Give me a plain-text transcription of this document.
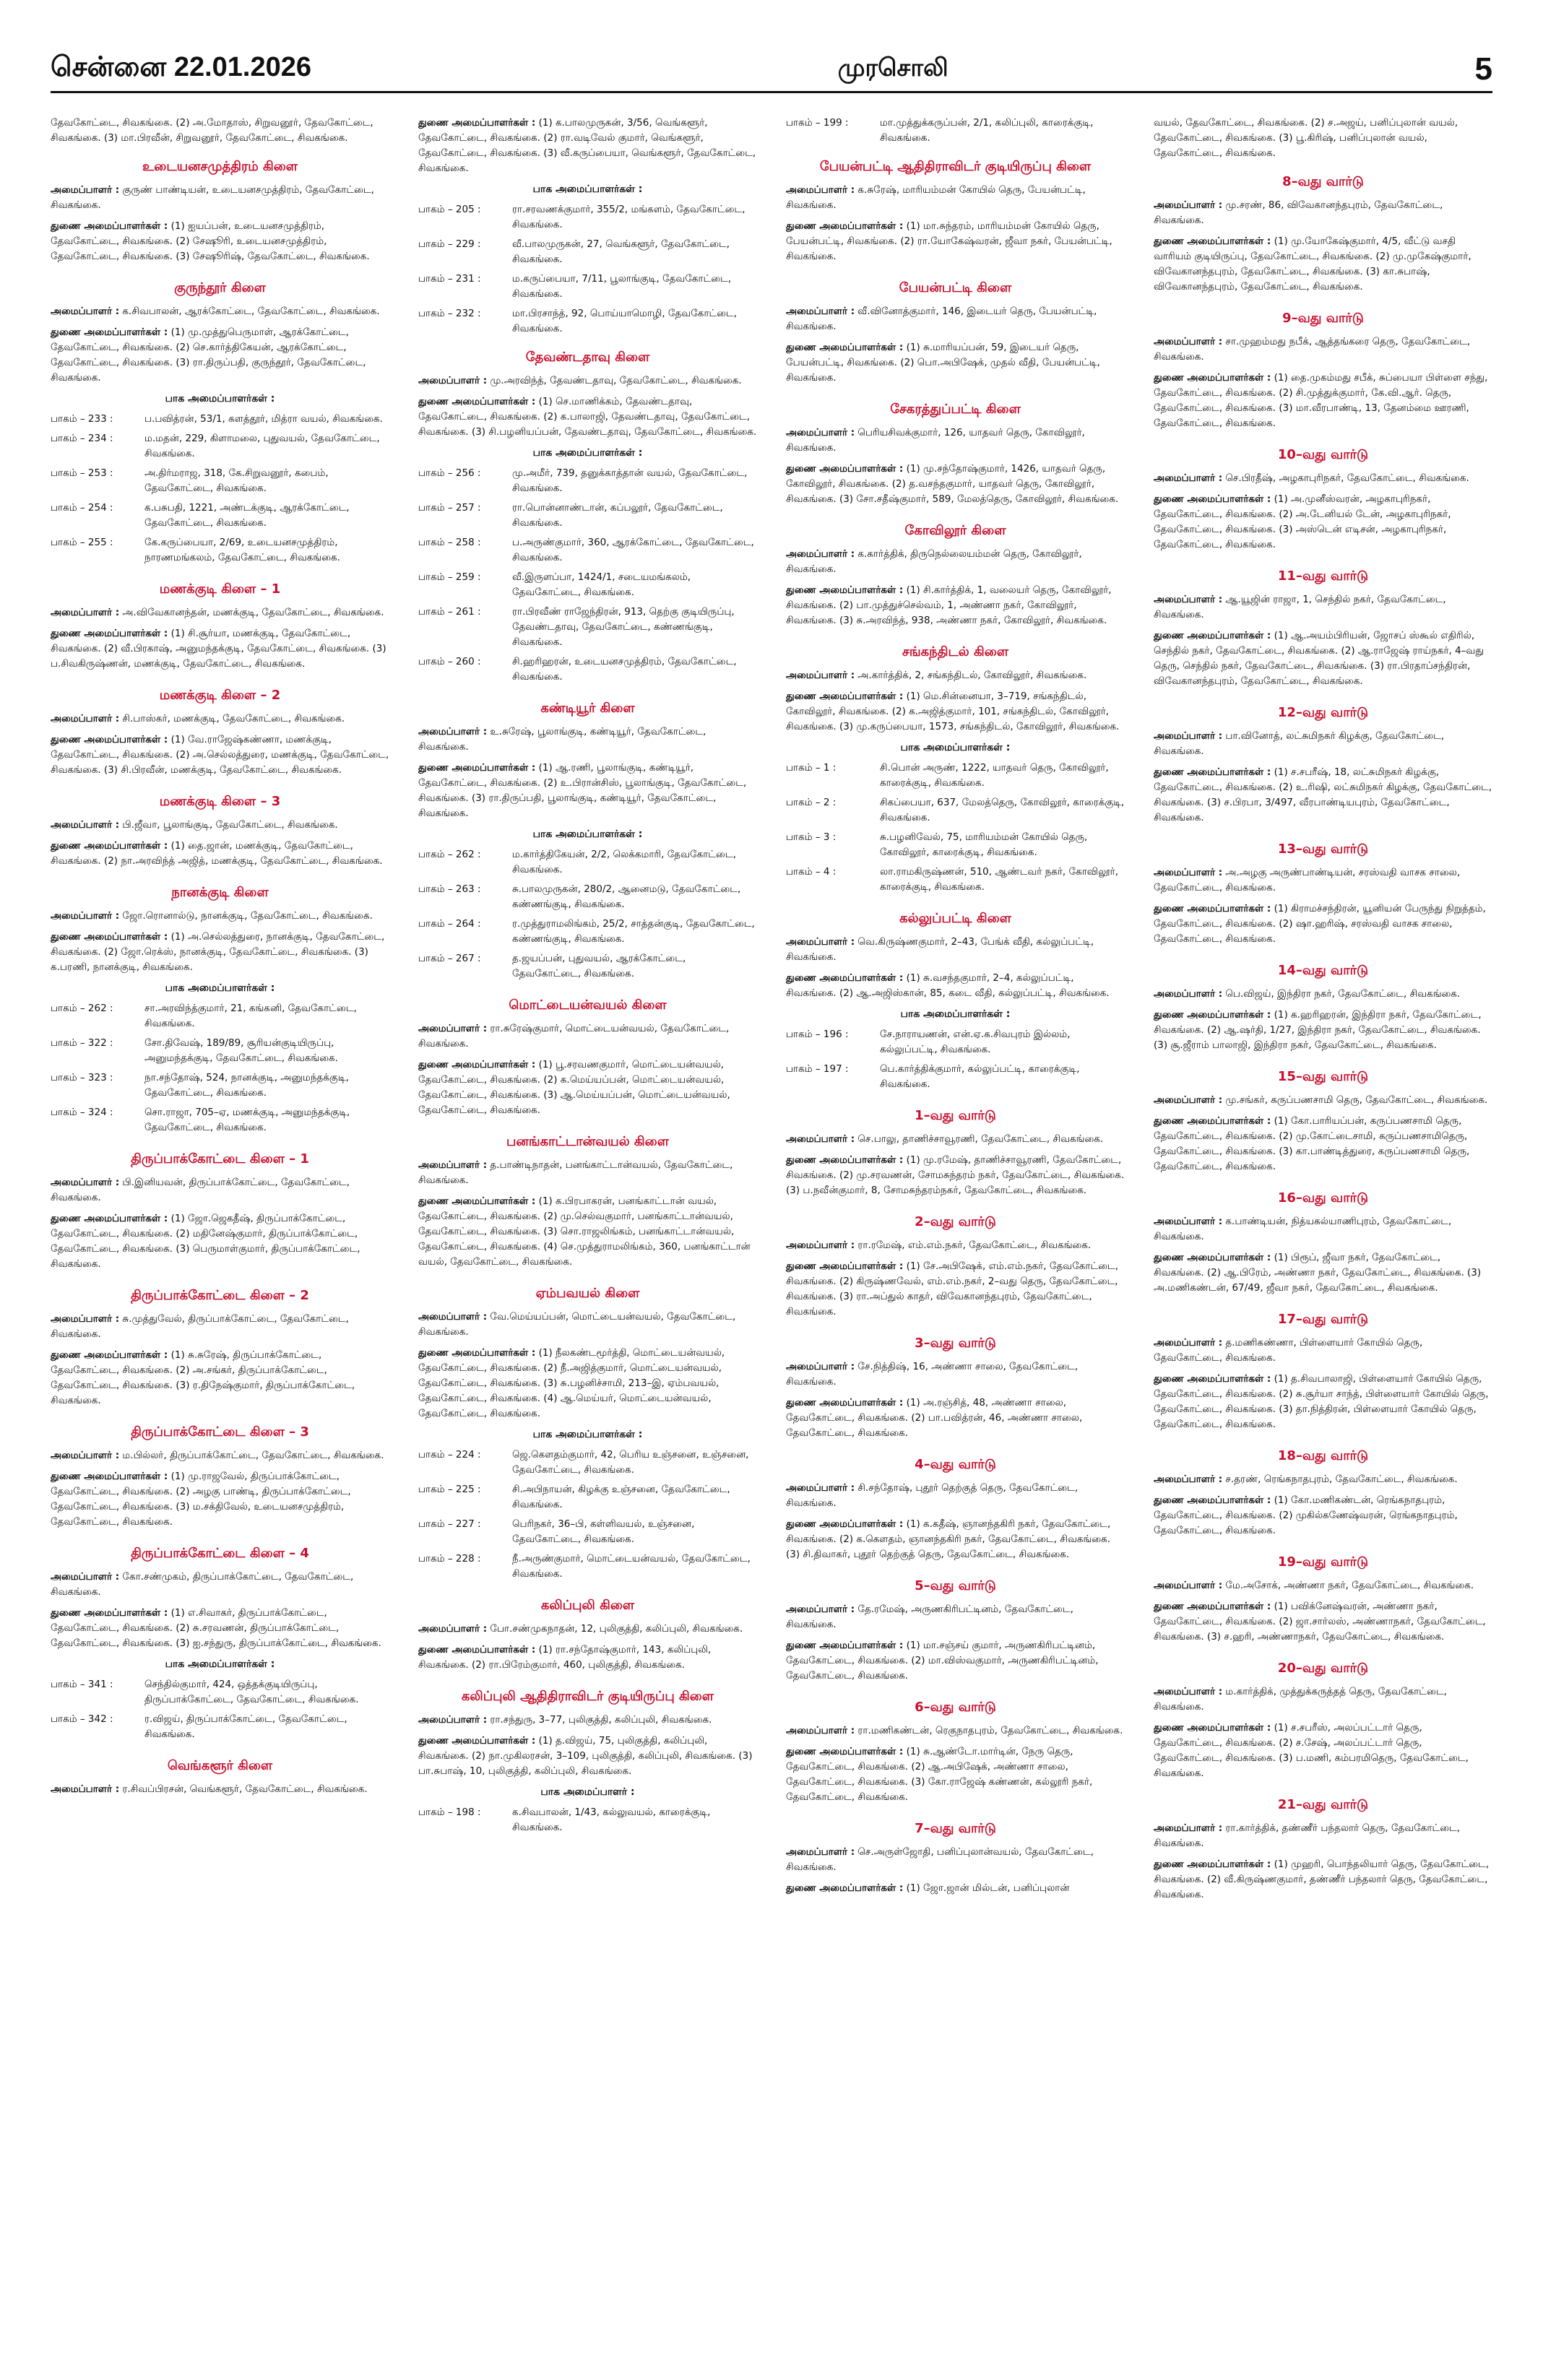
சென்னை 22.01.2026	முரசொலி	5

தேவகோட்டை, சிவகங்கை. (2) அ.மோதாஸ், சிறுவனூர், தேவகோட்டை, சிவகங்கை. (3) மா.பிரவீன், சிறுவனூர், தேவகோட்டை, சிவகங்கை.

உடையனசமுத்திரம் கிளை

அமைப்பாளர் : குருண் பாண்டியன், உடையனசமுத்திரம், தேவகோட்டை, சிவகங்கை.

துணை அமைப்பாளர்கள் : (1) ஐயப்பன், உடையனசமுத்திரம், தேவகோட்டை, சிவகங்கை. (2) சேஷூரி, உடையனசமுத்திரம், தேவகோட்டை, சிவகங்கை. (3) சேஷூரிஷ், தேவகோட்டை, சிவகங்கை.

குருந்தூர் கிளை

அமைப்பாளர் : க.சிவபாலன், ஆரக்கோட்டை, தேவகோட்டை, சிவகங்கை.

துணை அமைப்பாளர்கள் : (1) மு.முத்துபெருமாள், ஆரக்கோட்டை, தேவகோட்டை, சிவகங்கை. (2) செ.கார்த்திகேயன், ஆரக்கோட்டை, தேவகோட்டை, சிவகங்கை. (3) ரா.திருப்பதி, குருந்தூர், தேவகோட்டை, சிவகங்கை.

பாக அமைப்பாளர்கள் :
பாகம் – 233 :	ப.பவித்ரன், 53/1, களத்தூர், மித்ரா வயல், சிவகங்கை.
பாகம் – 234 :	ம.மதன், 229, கிளாமலை, புதுவயல், தேவகோட்டை, சிவகங்கை.
பாகம் – 253 :	அ.திர்மராஜ, 318, கே.சிறுவனூர், கபைம், தேவகோட்டை, சிவகங்கை.
பாகம் – 254 :	க.பசுபதி, 1221, அண்டக்குடி, ஆரக்கோட்டை, தேவகோட்டை, சிவகங்கை.
பாகம் – 255 :	கே.கருப்பையா, 2/69, உடையனசமுத்திரம், நாரணமங்கலம், தேவகோட்டை, சிவகங்கை.
மணக்குடி கிளை – 1

அமைப்பாளர் : அ.விவேகானந்தன், மணக்குடி, தேவகோட்டை, சிவகங்கை.

துணை அமைப்பாளர்கள் : (1) சி.சூர்யா, மணக்குடி, தேவகோட்டை, சிவகங்கை. (2) வீ.பிரகாஷ், அனுமந்தக்குடி, தேவகோட்டை, சிவகங்கை. (3) ப.சிவகிருஷ்ணன், மணக்குடி, தேவகோட்டை, சிவகங்கை.

மணக்குடி கிளை – 2

அமைப்பாளர் : சி.பாஸ்கர், மணக்குடி, தேவகோட்டை, சிவகங்கை.

துணை அமைப்பாளர்கள் : (1) வே.ராஜேஷ்கண்ணா, மணக்குடி, தேவகோட்டை, சிவகங்கை. (2) அ.செல்லத்துரை, மணக்குடி, தேவகோட்டை, சிவகங்கை. (3) சி.பிரவீன், மணக்குடி, தேவகோட்டை, சிவகங்கை.

மணக்குடி கிளை – 3

அமைப்பாளர் : பி.ஜீவா, பூலாங்குடி, தேவகோட்டை, சிவகங்கை.

துணை அமைப்பாளர்கள் : (1) தை.ஜான், மணக்குடி, தேவகோட்டை, சிவகங்கை. (2) நா.அரவிந்த் அஜித், மணக்குடி, தேவகோட்டை, சிவகங்கை.

நானக்குடி கிளை

அமைப்பாளர் : ஜோ.ரொனால்டு, நானக்குடி, தேவகோட்டை, சிவகங்கை.

துணை அமைப்பாளர்கள் : (1) அ.செல்லத்துரை, நானக்குடி, தேவகோட்டை, சிவகங்கை. (2) ஜோ.ரெக்ஸ், நானக்குடி, தேவகோட்டை, சிவகங்கை. (3) க.பரணி, நானக்குடி, சிவகங்கை.

பாக அமைப்பாளர்கள் :
பாகம் – 262 :	சா.அரவிந்த்குமார், 21, கங்கனி, தேவகோட்டை, சிவகங்கை.
பாகம் – 322 :	சோ.திவேஷ், 189/89, சூரியன்குடியிருப்பு, அனுமந்தக்குடி, தேவகோட்டை, சிவகங்கை.
பாகம் – 323 :	நா.சந்தோஷ், 524, நானக்குடி, அனுமந்தக்குடி, தேவகோட்டை, சிவகங்கை.
பாகம் – 324 :	சொ.ராஜா, 705–ஏ, மணக்குடி, அனுமந்தக்குடி, தேவகோட்டை, சிவகங்கை.
திருப்பாக்கோட்டை கிளை – 1

அமைப்பாளர் : பி.இனியவன், திருப்பாக்கோட்டை, தேவகோட்டை, சிவகங்கை.

துணை அமைப்பாளர்கள் : (1) ஜோ.ஜெகதீஷ், திருப்பாக்கோட்டை, தேவகோட்டை, சிவகங்கை. (2) மதினேஷ்குமார், திருப்பாக்கோட்டை, தேவகோட்டை, சிவகங்கை. (3) பெருமாள்குமார், திருப்பாக்கோட்டை, சிவகங்கை.

திருப்பாக்கோட்டை கிளை – 2

அமைப்பாளர் : சு.முத்துவேல், திருப்பாக்கோட்டை, தேவகோட்டை, சிவகங்கை.

துணை அமைப்பாளர்கள் : (1) சு.சுரேஷ், திருப்பாக்கோட்டை, தேவகோட்டை, சிவகங்கை. (2) அ.சங்கர், திருப்பாக்கோட்டை, தேவகோட்டை, சிவகங்கை. (3) ர.திநேஷ்குமார், திருப்பாக்கோட்டை, சிவகங்கை.

திருப்பாக்கோட்டை கிளை – 3

அமைப்பாளர் : ம.பில்லர், திருப்பாக்கோட்டை, தேவகோட்டை, சிவகங்கை.

துணை அமைப்பாளர்கள் : (1) மு.ராஜவேல், திருப்பாக்கோட்டை, தேவகோட்டை, சிவகங்கை. (2) அழகு பாண்டி, திருப்பாக்கோட்டை, தேவகோட்டை, சிவகங்கை. (3) ம.சக்திவேல், உடையனசமுத்திரம், தேவகோட்டை, சிவகங்கை.

திருப்பாக்கோட்டை கிளை – 4

அமைப்பாளர் : கோ.சண்முகம், திருப்பாக்கோட்டை, தேவகோட்டை, சிவகங்கை.

துணை அமைப்பாளர்கள் : (1) எ.சிவாகர், திருப்பாக்கோட்டை, தேவகோட்டை, சிவகங்கை. (2) சு.சரவணன், திருப்பாக்கோட்டை, தேவகோட்டை, சிவகங்கை. (3) ஐ.சந்துரு, திருப்பாக்கோட்டை, சிவகங்கை.

பாக அமைப்பாளர்கள் :
பாகம் – 341 :	செந்தில்குமார், 424, ஒத்தக்குடியிருப்பு, திருப்பாக்கோட்டை, தேவகோட்டை, சிவகங்கை.
பாகம் – 342 :	ர.விஜய், திருப்பாக்கோட்டை, தேவகோட்டை, சிவகங்கை.
வெங்களூர் கிளை

அமைப்பாளர் : ர.சிவப்பிரசன், வெங்களூர், தேவகோட்டை, சிவகங்கை.

துணை அமைப்பாளர்கள் : (1) க.பாலமுருகன், 3/56, வெங்களூர், தேவகோட்டை, சிவகங்கை. (2) ரா.வடிவேல் குமார், வெங்களூர், தேவகோட்டை, சிவகங்கை. (3) வீ.கருப்பையா, வெங்களூர், தேவகோட்டை, சிவகங்கை.

பாக அமைப்பாளர்கள் :
பாகம் – 205 :	ரா.சரவணக்குமார், 355/2, மங்களம், தேவகோட்டை, சிவகங்கை.
பாகம் – 229 :	வீ.பாலமுருகன், 27, வெங்களூர், தேவகோட்டை, சிவகங்கை.
பாகம் – 231 :	ம.கருப்பையா, 7/11, பூலாங்குடி, தேவகோட்டை, சிவகங்கை.
பாகம் – 232 :	மா.பிரசாந்த், 92, பொய்யாமொழி, தேவகோட்டை, சிவகங்கை.
தேவண்டதாவு கிளை

அமைப்பாளர் : மு.அரவிந்த், தேவண்டதாவு, தேவகோட்டை, சிவகங்கை.

துணை அமைப்பாளர்கள் : (1) செ.மாணிக்கம், தேவண்டதாவு, தேவகோட்டை, சிவகங்கை. (2) க.பாலாஜி, தேவண்டதாவு, தேவகோட்டை, சிவகங்கை. (3) சி.பழனியப்பன், தேவண்டதாவு, தேவகோட்டை, சிவகங்கை.

பாக அமைப்பாளர்கள் :
பாகம் – 256 :	மு.அமீர், 739, தனுக்காத்தான் வயல், தேவகோட்டை, சிவகங்கை.
பாகம் – 257 :	ரா.பொன்னாண்டான், கப்பலூர், தேவகோட்டை, சிவகங்கை.
பாகம் – 258 :	ப.அருண்குமார், 360, ஆரக்கோட்டை, தேவகோட்டை, சிவகங்கை.
பாகம் – 259 :	வீ.இருளப்பா, 1424/1, சடையமங்கலம், தேவகோட்டை, சிவகங்கை.
பாகம் – 261 :	ரா.பிரவீண் ராஜேந்திரன், 913, தெற்கு குடியிருப்பு, தேவண்டதாவு, தேவகோட்டை, கண்ணங்குடி, சிவகங்கை.
பாகம் – 260 :	சி.ஹரிஹரன், உடையனசமுத்திரம், தேவகோட்டை, சிவகங்கை.
கண்டியூர் கிளை

அமைப்பாளர் : உ.சுரேஷ், பூலாங்குடி, கண்டியூர், தேவகோட்டை, சிவகங்கை.

துணை அமைப்பாளர்கள் : (1) ஆ.ரணி, பூலாங்குடி, கண்டியூர், தேவகோட்டை, சிவகங்கை. (2) உ.பிரான்சிஸ், பூலாங்குடி, தேவகோட்டை, சிவகங்கை. (3) ரா.திருப்பதி, பூலாங்குடி, கண்டியூர், தேவகோட்டை, சிவகங்கை.

பாக அமைப்பாளர்கள் :
பாகம் – 262 :	ம.கார்த்திகேயன், 2/2, லெக்கமாரி, தேவகோட்டை, சிவகங்கை.
பாகம் – 263 :	சு.பாலமுருகன், 280/2, ஆனைமடு, தேவகோட்டை, கண்ணங்குடி, சிவகங்கை.
பாகம் – 264 :	ர.முத்துராமலிங்கம், 25/2, சாத்தன்குடி, தேவகோட்டை, கண்ணங்குடி, சிவகங்கை.
பாகம் – 267 :	த.ஜயப்பன், புதுவயல், ஆரக்கோட்டை, தேவகோட்டை, சிவகங்கை.
மொட்டையன்வயல் கிளை

அமைப்பாளர் : ரா.சுரேஷ்குமார், மொட்டையன்வயல், தேவகோட்டை, சிவகங்கை.

துணை அமைப்பாளர்கள் : (1) பூ.சரவணகுமார், மொட்டையன்வயல், தேவகோட்டை, சிவகங்கை. (2) க.மெய்யப்பன், மொட்டையன்வயல், தேவகோட்டை, சிவகங்கை. (3) ஆ.மெய்யப்பன், மொட்டையன்வயல், தேவகோட்டை, சிவகங்கை.

பனங்காட்டான்வயல் கிளை

அமைப்பாளர் : த.பாண்டிநாதன், பனங்காட்டான்வயல், தேவகோட்டை, சிவகங்கை.

துணை அமைப்பாளர்கள் : (1) க.பிரபாகரன், பனங்காட்டான் வயல், தேவகோட்டை, சிவகங்கை. (2) மு.செல்வகுமார், பனங்காட்டான்வயல், தேவகோட்டை, சிவகங்கை. (3) சொ.ராஜலிங்கம், பனங்காட்டான்வயல், தேவகோட்டை, சிவகங்கை. (4) செ.முத்துராமலிங்கம், 360, பனங்காட்டான் வயல், தேவகோட்டை, சிவகங்கை.

ஏம்பவயல் கிளை

அமைப்பாளர் : வே.மெய்யப்பன், மொட்டையன்வயல், தேவகோட்டை, சிவகங்கை.

துணை அமைப்பாளர்கள் : (1) நீலகண்டமூர்த்தி, மொட்டையன்வயல், தேவகோட்டை, சிவகங்கை. (2) நீ.அஜித்குமார், மொட்டையன்வயல், தேவகோட்டை, சிவகங்கை. (3) சு.பழனிச்சாமி, 213–இ, ஏம்பவயல், தேவகோட்டை, சிவகங்கை. (4) ஆ.மெய்யர், மொட்டையன்வயல், தேவகோட்டை, சிவகங்கை.

பாக அமைப்பாளர்கள் :
பாகம் – 224 :	ஜெ.கௌதம்குமார், 42, பெரிய உஞ்சனை, உஞ்சனை, தேவகோட்டை, சிவகங்கை.
பாகம் – 225 :	சி.அபிநாயன், கிழக்கு உஞ்சனை, தேவகோட்டை, சிவகங்கை.
பாகம் – 227 :	பெரிநகர், 36–பி, கள்ளிவயல், உஞ்சனை, தேவகோட்டை, சிவகங்கை.
பாகம் – 228 :	நீ.அருண்குமார், மொட்டையன்வயல், தேவகோட்டை, சிவகங்கை.
கலிப்புலி கிளை

அமைப்பாளர் : போ.சண்முகநாதன், 12, புலிகுத்தி, கலிப்புலி, சிவகங்கை.

துணை அமைப்பாளர்கள் : (1) ரா.சந்தோஷ்குமார், 143, கலிப்புலி, சிவகங்கை. (2) ரா.பிரேம்குமார், 460, புலிகுத்தி, சிவகங்கை.

கலிப்புலி ஆதிதிராவிடர் குடியிருப்பு கிளை

அமைப்பாளர் : ரா.சந்துரு, 3–77, புலிகுத்தி, கலிப்புலி, சிவகங்கை.

துணை அமைப்பாளர்கள் : (1) த.விஜய், 75, புலிகுத்தி, கலிப்புலி, சிவகங்கை. (2) நா.முகிலரசன், 3–109, புலிகுத்தி, கலிப்புலி, சிவகங்கை. (3) பா.சுபாஷ், 10, புலிகுத்தி, கலிப்புலி, சிவகங்கை.

பாக அமைப்பாளர் :
பாகம் – 198 :	க.சிவபாலன், 1/43, கல்லுவயல், காரைக்குடி, சிவகங்கை.
பாகம் – 199 :	மா.முத்துக்கருப்பன், 2/1, கலிப்புலி, காரைக்குடி, சிவகங்கை.
பேயன்பட்டி ஆதிதிராவிடர் குடியிருப்பு கிளை

அமைப்பாளர் : க.சுரேஷ், மாரியம்மன் கோயில் தெரு, பேயன்பட்டி, சிவகங்கை.

துணை அமைப்பாளர்கள் : (1) மா.சுந்தரம், மாரியம்மன் கோயில் தெரு, பேயன்பட்டி, சிவகங்கை. (2) ரா.யோகேஷ்வரன், ஜீவா நகர், பேயன்பட்டி, சிவகங்கை.

பேயன்பட்டி கிளை

அமைப்பாளர் : வீ.வினோத்குமார், 146, இடையர் தெரு, பேயன்பட்டி, சிவகங்கை.

துணை அமைப்பாளர்கள் : (1) சு.மாரியப்பன், 59, இடையர் தெரு, பேயன்பட்டி, சிவகங்கை. (2) பொ.அபிஷேக், முதல் வீதி, பேயன்பட்டி, சிவகங்கை.

சேகரத்துப்பட்டி கிளை

அமைப்பாளர் : பெரியசிவக்குமார், 126, யாதவர் தெரு, கோவிலூர், சிவகங்கை.

துணை அமைப்பாளர்கள் : (1) மு.சந்தோஷ்குமார், 1426, யாதவர் தெரு, கோவிலூர், சிவகங்கை. (2) த.வசந்தகுமார், யாதவர் தெரு, கோவிலூர், சிவகங்கை. (3) சோ.சதீஷ்குமார், 589, மேலத்தெரு, கோவிலூர், சிவகங்கை.

கோவிலூர் கிளை

அமைப்பாளர் : க.கார்த்திக், திருநெல்லையம்மன் தெரு, கோவிலூர், சிவகங்கை.

துணை அமைப்பாளர்கள் : (1) சி.கார்த்திக், 1, வலையர் தெரு, கோவிலூர், சிவகங்கை. (2) பா.முத்துச்செல்வம், 1, அண்ணா நகர், கோவிலூர், சிவகங்கை. (3) சு.அரவிந்த், 938, அண்ணா நகர், கோவிலூர், சிவகங்கை.

சங்கந்திடல் கிளை

அமைப்பாளர் : அ.கார்த்திக், 2, சங்கந்திடல், கோவிலூர், சிவகங்கை.

துணை அமைப்பாளர்கள் : (1) மெ.சின்னையா, 3–719, சங்கந்திடல், கோவிலூர், சிவகங்கை. (2) க.அஜித்குமார், 101, சங்கந்திடல், கோவிலூர், சிவகங்கை. (3) மு.கருப்பையா, 1573, சங்கந்திடல், கோவிலூர், சிவகங்கை.

பாக அமைப்பாளர்கள் :
பாகம் – 1 :	சி.பொன் அருண், 1222, யாதவர் தெரு, கோவிலூர், காரைக்குடி, சிவகங்கை.
பாகம் – 2 :	சிகப்பையா, 637, மேலத்தெரு, கோவிலூர், காரைக்குடி, சிவகங்கை.
பாகம் – 3 :	சு.பழனிவேல், 75, மாரியம்மன் கோயில் தெரு, கோவிலூர், காரைக்குடி, சிவகங்கை.
பாகம் – 4 :	லா.ராமகிருஷ்ணன், 510, ஆண்டவர் நகர், கோவிலூர், காரைக்குடி, சிவகங்கை.
கல்லுப்பட்டி கிளை

அமைப்பாளர் : வெ.கிருஷ்ணகுமார், 2–43, பேங்க் வீதி, கல்லுப்பட்டி, சிவகங்கை.

துணை அமைப்பாளர்கள் : (1) சு.வசந்தகுமார், 2–4, கல்லுப்பட்டி, சிவகங்கை. (2) ஆ.அஜிஸ்கான், 85, கடை வீதி, கல்லுப்பட்டி, சிவகங்கை.

பாக அமைப்பாளர்கள் :
பாகம் – 196 :	சே.நாராயணன், என்.ஏ.க.சிவபுரம் இல்லம், கல்லுப்பட்டி, சிவகங்கை.
பாகம் – 197 :	பெ.கார்த்திக்குமார், கல்லுப்பட்டி, காரைக்குடி, சிவகங்கை.
1–வது வார்டு

அமைப்பாளர் : செ.பாலு, தாணிச்சாவூரணி, தேவகோட்டை, சிவகங்கை.

துணை அமைப்பாளர்கள் : (1) மு.ரமேஷ், தாணிச்சாவூரணி, தேவகோட்டை, சிவகங்கை. (2) மு.சரவணன், சோமசுந்தரம் நகர், தேவகோட்டை, சிவகங்கை. (3) ப.நவீன்குமார், 8, சோமசுந்தரம்நகர், தேவகோட்டை, சிவகங்கை.

2–வது வார்டு

அமைப்பாளர் : ரா.ரமேஷ், எம்.எம்.நகர், தேவகோட்டை, சிவகங்கை.

துணை அமைப்பாளர்கள் : (1) சே.அபிஷேக், எம்.எம்.நகர், தேவகோட்டை, சிவகங்கை. (2) கிருஷ்ணவேல், எம்.எம்.நகர், 2–வது தெரு, தேவகோட்டை, சிவகங்கை. (3) ரா.அப்துல் காதர், விவேகானந்தபுரம், தேவகோட்டை, சிவகங்கை.

3–வது வார்டு

அமைப்பாளர் : சே.நித்திஷ், 16, அண்ணா சாலை, தேவகோட்டை, சிவகங்கை.

துணை அமைப்பாளர்கள் : (1) அ.ரஞ்சித், 48, அண்ணா சாலை, தேவகோட்டை, சிவகங்கை. (2) பா.பவித்ரன், 46, அண்ணா சாலை, தேவகோட்டை, சிவகங்கை.

4–வது வார்டு

அமைப்பாளர் : சி.சந்தோஷ், புதூர் தெற்குத் தெரு, தேவகோட்டை, சிவகங்கை.

துணை அமைப்பாளர்கள் : (1) க.கதீஷ், ஞானந்தகிரி நகர், தேவகோட்டை, சிவகங்கை. (2) க.கௌதம், ஞானந்தகிரி நகர், தேவகோட்டை, சிவகங்கை. (3) சி.திவாகர், புதூர் தெற்குத் தெரு, தேவகோட்டை, சிவகங்கை.

5–வது வார்டு

அமைப்பாளர் : தே.ரமேஷ், அருணகிரிபட்டினம், தேவகோட்டை, சிவகங்கை.

துணை அமைப்பாளர்கள் : (1) மா.சஞ்சய் குமார், அருணகிரிபட்டினம், தேவகோட்டை, சிவகங்கை. (2) மா.விஸ்வகுமார், அருணகிரிபட்டினம், தேவகோட்டை, சிவகங்கை.

6–வது வார்டு

அமைப்பாளர் : ரா.மணிகண்டன், ரெகுநாதபுரம், தேவகோட்டை, சிவகங்கை.

துணை அமைப்பாளர்கள் : (1) சு.ஆண்டோ.மார்டின், நேரு தெரு, தேவகோட்டை, சிவகங்கை. (2) ஆ.அபிஷேக், அண்ணா சாலை, தேவகோட்டை, சிவகங்கை. (3) கோ.ராஜேஷ் கண்ணன், கல்லூரி நகர், தேவகோட்டை, சிவகங்கை.

7–வது வார்டு

அமைப்பாளர் : செ.அருள்ஜோதி, பனிப்புலான்வயல், தேவகோட்டை, சிவகங்கை.

துணை அமைப்பாளர்கள் : (1) ஜோ.ஜான் மில்டன், பனிப்புலான்

வயல், தேவகோட்டை, சிவகங்கை. (2) ச.அஜய், பனிப்புலான் வயல், தேவகோட்டை, சிவகங்கை. (3) பூ.கிரிஷ், பனிப்புலான் வயல், தேவகோட்டை, சிவகங்கை.

8–வது வார்டு

அமைப்பாளர் : மு.சரண், 86, விவேகானந்தபுரம், தேவகோட்டை, சிவகங்கை.

துணை அமைப்பாளர்கள் : (1) மு.யோகேஷ்குமார், 4/5, வீட்டு வசதி வாரியம் குடியிருப்பு, தேவகோட்டை, சிவகங்கை. (2) மு.முகேஷ்குமார், விவேகானந்தபுரம், தேவகோட்டை, சிவகங்கை. (3) கா.சுபாஷ், விவேகானந்தபுரம், தேவகோட்டை, சிவகங்கை.

9–வது வார்டு

அமைப்பாளர் : சா.முஹம்மது நபீக், ஆத்தங்கரை தெரு, தேவகோட்டை, சிவகங்கை.

துணை அமைப்பாளர்கள் : (1) தை.முகம்மது சபீக், சுப்பையா பிள்ளை சந்து, தேவகோட்டை, சிவகங்கை. (2) சி.முத்துக்குமார், கே.வி.ஆர். தெரு, தேவகோட்டை, சிவகங்கை. (3) மா.வீரபாண்டி, 13, தேனம்மை ஊரணி, தேவகோட்டை, சிவகங்கை.

10–வது வார்டு

அமைப்பாளர் : செ.பிரதீஷ், அழகாபுரிநகர், தேவகோட்டை, சிவகங்கை.

துணை அமைப்பாளர்கள் : (1) அ.முனீஸ்வரன், அழகாபுரிநகர், தேவகோட்டை, சிவகங்கை. (2) அ.டேனியல் டேன், அழகாபுரிநகர், தேவகோட்டை, சிவகங்கை. (3) அஸ்டென் எடிசன், அழகாபுரிநகர், தேவகோட்டை, சிவகங்கை.

11–வது வார்டு

அமைப்பாளர் : ஆ.யூஜின் ராஜா, 1, செந்தில் நகர், தேவகோட்டை, சிவகங்கை.

துணை அமைப்பாளர்கள் : (1) ஆ.அயம்பிரியன், ஜோசப் ஸ்கூல் எதிரில், செந்தில் நகர், தேவகோட்டை, சிவகங்கை. (2) ஆ.ராஜேஷ் ராய்நகர், 4–வது தெரு, செந்தில் நகர், தேவகோட்டை, சிவகங்கை. (3) ரா.பிரதாப்சந்திரன், விவேகானந்தபுரம், தேவகோட்டை, சிவகங்கை.

12–வது வார்டு

அமைப்பாளர் : பா.வினோத், லட்சுமிநகர் கிழக்கு, தேவகோட்டை, சிவகங்கை.

துணை அமைப்பாளர்கள் : (1) ச.சபரீஷ், 18, லட்சுமிநகர் கிழக்கு, தேவகோட்டை, சிவகங்கை. (2) உ.ரிஷி, லட்சுமிநகர் கிழக்கு, தேவகோட்டை, சிவகங்கை. (3) ச.பிரபா, 3/497, வீரபாண்டியபுரம், தேவகோட்டை, சிவகங்கை.

13–வது வார்டு

அமைப்பாளர் : அ.அழகு அருண்பாண்டியன், சரஸ்வதி வாசக சாலை, தேவகோட்டை, சிவகங்கை.

துணை அமைப்பாளர்கள் : (1) கிராமச்சந்திரன், யூனியன் பேருந்து நிறுத்தம், தேவகோட்டை, சிவகங்கை. (2) ஷா.ஹரிஷ், சரஸ்வதி வாசக சாலை, தேவகோட்டை, சிவகங்கை.

14–வது வார்டு

அமைப்பாளர் : பெ.விஜய், இந்திரா நகர், தேவகோட்டை, சிவகங்கை.

துணை அமைப்பாளர்கள் : (1) க.ஹரிஹரன், இந்திரா நகர், தேவகோட்டை, சிவகங்கை. (2) ஆ.ஷர்தி, 1/27, இந்திரா நகர், தேவகோட்டை, சிவகங்கை. (3) சூ.ஜீராம் பாலாஜி, இந்திரா நகர், தேவகோட்டை, சிவகங்கை.

15–வது வார்டு

அமைப்பாளர் : மு.சங்கர், கருப்பணசாமி தெரு, தேவகோட்டை, சிவகங்கை.

துணை அமைப்பாளர்கள் : (1) கோ.பாரியப்பன், கருப்பணசாமி தெரு, தேவகோட்டை, சிவகங்கை. (2) மு.கோட்டைசாமி, கருப்பணசாமிதெரு, தேவகோட்டை, சிவகங்கை. (3) கா.பாண்டித்துரை, கருப்பணசாமி தெரு, தேவகோட்டை, சிவகங்கை.

16–வது வார்டு

அமைப்பாளர் : க.பாண்டியன், நித்யகல்யாணிபுரம், தேவகோட்டை, சிவகங்கை.

துணை அமைப்பாளர்கள் : (1) பிரூப், ஜீவா நகர், தேவகோட்டை, சிவகங்கை. (2) ஆ.பிரேம், அண்ணா நகர், தேவகோட்டை, சிவகங்கை. (3) அ.மணிகண்டன், 67/49, ஜீவா நகர், தேவகோட்டை, சிவகங்கை.

17–வது வார்டு

அமைப்பாளர் : த.மணிகண்ணா, பிள்ளையார் கோயில் தெரு, தேவகோட்டை, சிவகங்கை.

துணை அமைப்பாளர்கள் : (1) த.சிவபாலாஜி, பிள்ளையார் கோயில் தெரு, தேவகோட்டை, சிவகங்கை. (2) சு.சூர்யா சாந்த், பிள்ளையார் கோயில் தெரு, தேவகோட்டை, சிவகங்கை. (3) தா.நித்திரன், பிள்ளையார் கோயில் தெரு, தேவகோட்டை, சிவகங்கை.

18–வது வார்டு

அமைப்பாளர் : ச.தரண், ரெங்கநாதபுரம், தேவகோட்டை, சிவகங்கை.

துணை அமைப்பாளர்கள் : (1) கோ.மணிகண்டன், ரெங்கநாதபுரம், தேவகோட்டை, சிவகங்கை. (2) முகில்கணேஷ்வரன், ரெங்கநாதபுரம், தேவகோட்டை, சிவகங்கை.

19–வது வார்டு

அமைப்பாளர் : மே.அசோக், அண்ணா நகர், தேவகோட்டை, சிவகங்கை.

துணை அமைப்பாளர்கள் : (1) பவிக்னேஷ்வரன், அண்ணா நகர், தேவகோட்டை, சிவகங்கை. (2) ஜா.சார்லஸ், அண்ணாநகர், தேவகோட்டை, சிவகங்கை. (3) ச.ஹரி, அண்ணாநகர், தேவகோட்டை, சிவகங்கை.

20–வது வார்டு

அமைப்பாளர் : ம.கார்த்திக், முத்துக்கருத்தத் தெரு, தேவகோட்டை, சிவகங்கை.

துணை அமைப்பாளர்கள் : (1) ச.சபரீஸ், அலப்பட்டார் தெரு, தேவகோட்டை, சிவகங்கை. (2) ச.சேஷ், அலப்பட்டார் தெரு, தேவகோட்டை, சிவகங்கை. (3) ப.மணி, கம்பரமிதெரு, தேவகோட்டை, சிவகங்கை.

21–வது வார்டு

அமைப்பாளர் : ரா.கார்த்திக், தண்ணீர் பந்தலார் தெரு, தேவகோட்டை, சிவகங்கை.

துணை அமைப்பாளர்கள் : (1) முஹரி, பொந்தலியார் தெரு, தேவகோட்டை, சிவகங்கை. (2) வீ.கிருஷ்ணகுமார், தண்ணீர் பந்தலார் தெரு, தேவகோட்டை, சிவகங்கை.
